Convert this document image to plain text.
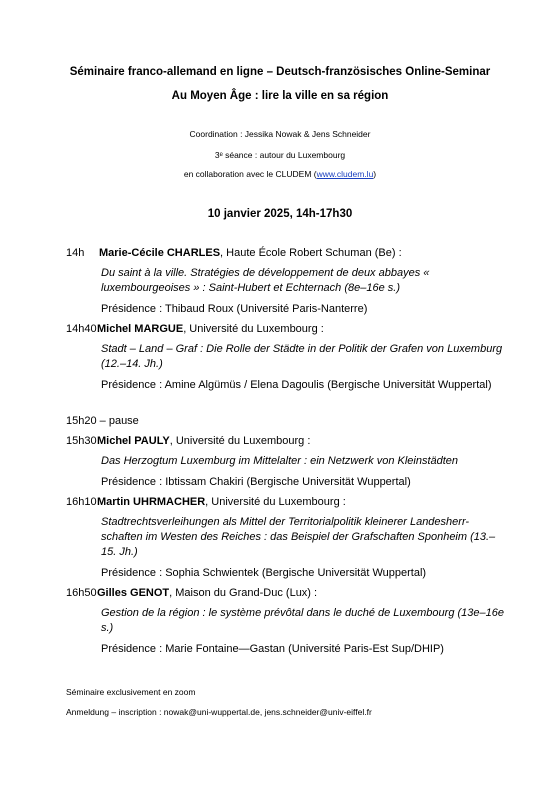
Séminaire franco-allemand en ligne – Deutsch-französisches Online-Seminar
Au Moyen Âge : lire la ville en sa région
Coordination : Jessika Nowak & Jens Schneider
3ᵉ séance : autour du Luxembourg
en collaboration avec le CLUDEM (www.cludem.lu)
10 janvier 2025, 14h-17h30
14h	Marie-Cécile CHARLES, Haute École Robert Schuman (Be) :
Du saint à la ville. Stratégies de développement de deux abbayes « luxembourgeoises » : Saint-Hubert et Echternach (8e–16e s.)
Présidence : Thibaud Roux (Université Paris-Nanterre)
14h40 Michel MARGUE, Université du Luxembourg :
Stadt – Land – Graf : Die Rolle der Städte in der Politik der Grafen von Luxemburg (12.–14. Jh.)
Présidence : Amine Algümüs / Elena Dagoulis (Bergische Universität Wuppertal)
15h20
– pause
15h30 Michel PAULY, Université du Luxembourg :
Das Herzogtum Luxemburg im Mittelalter : ein Netzwerk von Kleinstädten
Présidence : Ibtissam Chakiri (Bergische Universität Wuppertal)
16h10 Martin UHRMACHER, Université du Luxembourg :
Stadtrechtsverleihungen als Mittel der Territorialpolitik kleinerer Landesherr-schaften im Westen des Reiches : das Beispiel der Grafschaften Sponheim (13.–15. Jh.)
Présidence : Sophia Schwientek (Bergische Universität Wuppertal)
16h50 Gilles GENOT, Maison du Grand-Duc (Lux) :
Gestion de la région : le système prévôtal dans le duché de Luxembourg (13e–16e s.)
Présidence : Marie Fontaine—Gastan (Université Paris-Est Sup/DHIP)
Séminaire exclusivement en zoom
Anmeldung – inscription : nowak@uni-wuppertal.de, jens.schneider@univ-eiffel.fr
